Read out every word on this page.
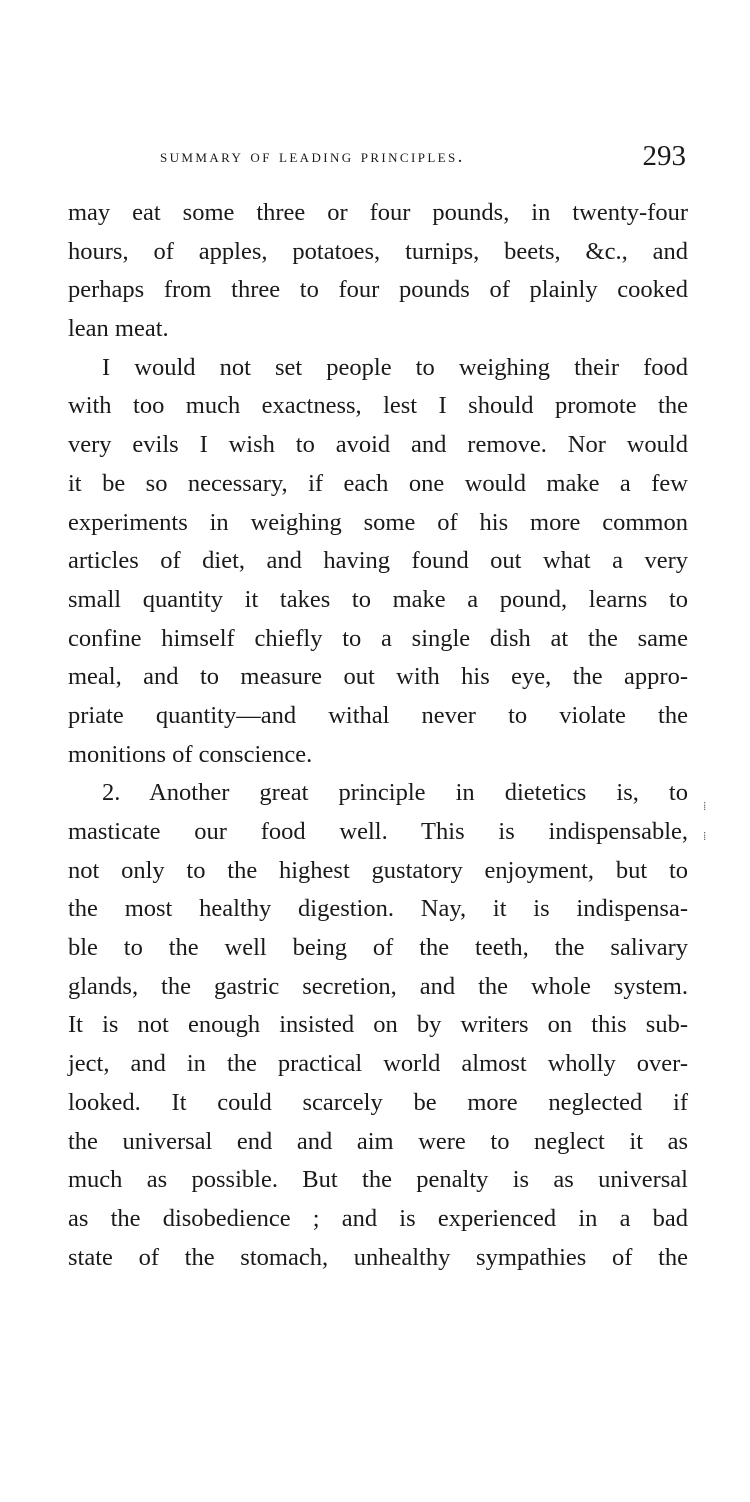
summary of leading principles.	293
may eat some three or four pounds, in twenty-four
hours, of apples, potatoes, turnips, beets, &c., and
perhaps from three to four pounds of plainly cooked
lean meat.
I would not set people to weighing their food
with too much exactness, lest I should promote the
very evils I wish to avoid and remove. Nor would
it be so necessary, if each one would make a few
experiments in weighing some of his more common
articles of diet, and having found out what a very
small quantity it takes to make a pound, learns to
confine himself chiefly to a single dish at the same
meal, and to measure out with his eye, the appro-
priate quantity—and withal never to violate the
monitions of conscience.
2. Another great principle in dietetics is, to
masticate our food well. This is indispensable,
not only to the highest gustatory enjoyment, but to
the most healthy digestion. Nay, it is indispensa-
ble to the well being of the teeth, the salivary
glands, the gastric secretion, and the whole system.
It is not enough insisted on by writers on this sub-
ject, and in the practical world almost wholly over-
looked. It could scarcely be more neglected if
the universal end and aim were to neglect it as
much as possible. But the penalty is as universal
as the disobedience ; and is experienced in a bad
state of the stomach, unhealthy sympathies of the
⁞
⁞
